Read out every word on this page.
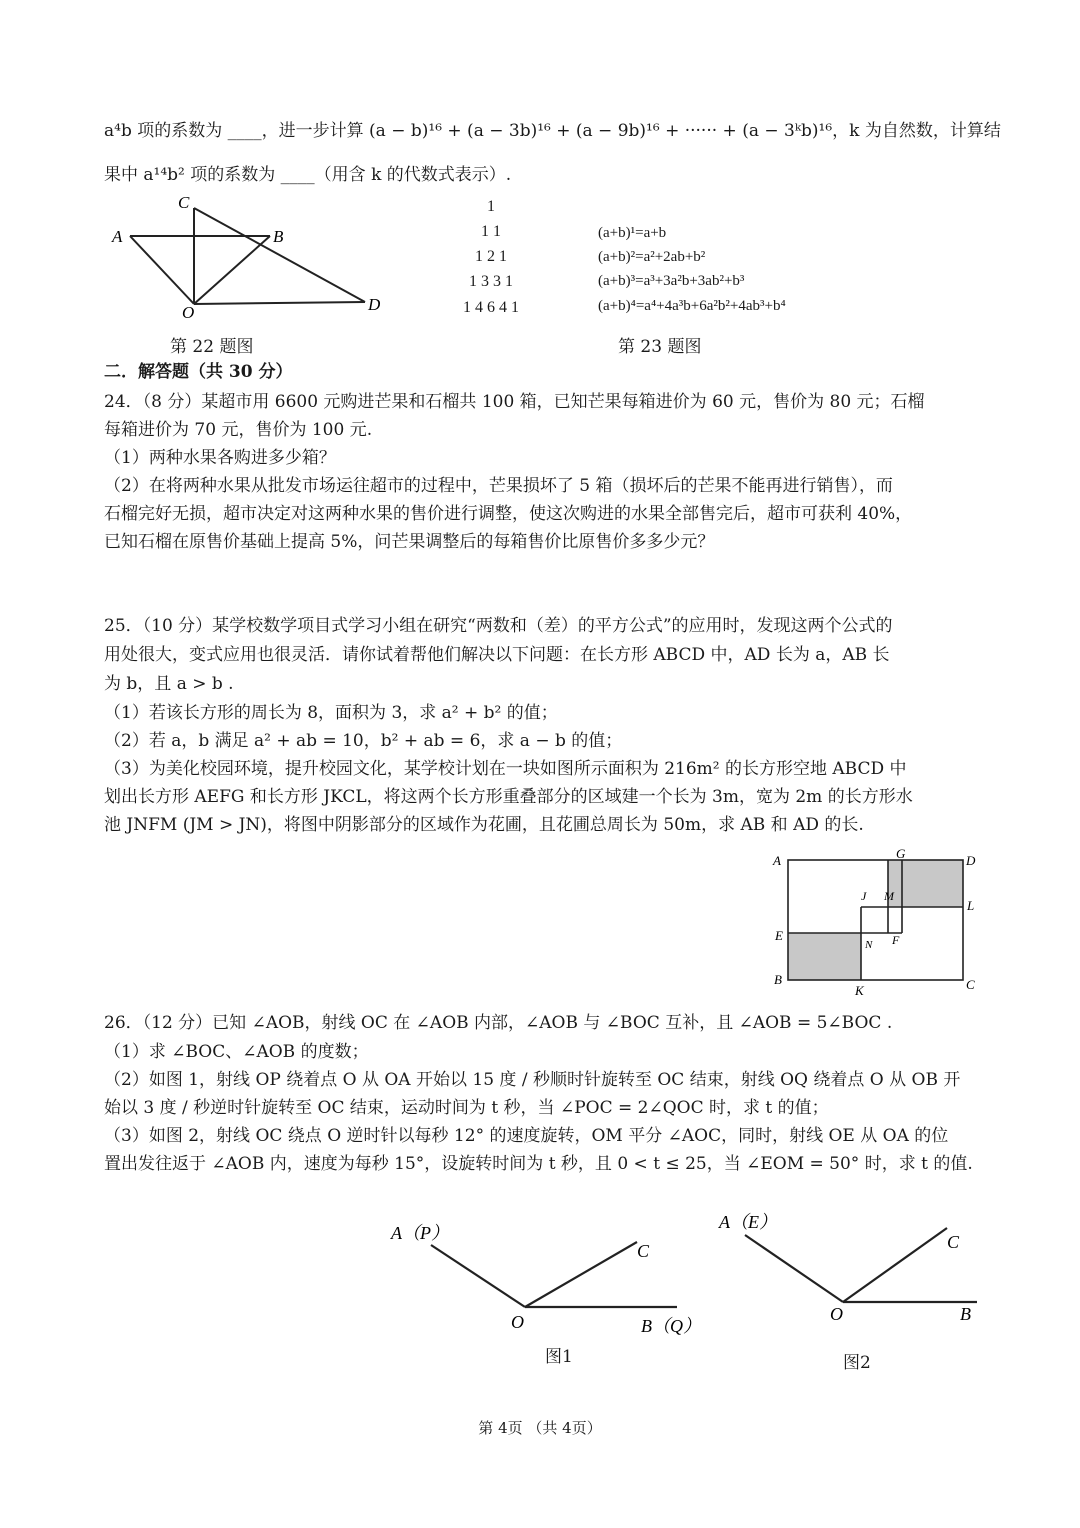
a⁴b 项的系数为 ____，进一步计算 (a − b)¹⁶ + (a − 3b)¹⁶ + (a − 9b)¹⁶ + ······ + (a − 3ᵏb)¹⁶，k 为自然数，计算结
果中 a¹⁴b² 项的系数为 ____（用含 k 的代数式表示）.
A	B
C
O	D
第 22 题图
1
1 1
1 2 1
1 3 3 1
1 4 6 4 1
(a+b)¹=a+b
(a+b)²=a²+2ab+b²
(a+b)³=a³+3a²b+3ab²+b³
(a+b)⁴=a⁴+4a³b+6a²b²+4ab³+b⁴
第 23 题图
二．解答题（共 30 分）
24．（8 分）某超市用 6600 元购进芒果和石榴共 100 箱，已知芒果每箱进价为 60 元，售价为 80 元；石榴
每箱进价为 70 元，售价为 100 元.
（1）两种水果各购进多少箱？
（2）在将两种水果从批发市场运往超市的过程中，芒果损坏了 5 箱（损坏后的芒果不能再进行销售），而
石榴完好无损，超市决定对这两种水果的售价进行调整，使这次购进的水果全部售完后，超市可获利 40%，
已知石榴在原售价基础上提高 5%，问芒果调整后的每箱售价比原售价多多少元？
25．（10 分）某学校数学项目式学习小组在研究“两数和（差）的平方公式”的应用时，发现这两个公式的
用处很大，变式应用也很灵活．请你试着帮他们解决以下问题：在长方形 ABCD 中，AD 长为 a，AB 长
为 b，且 a > b .
（1）若该长方形的周长为 8，面积为 3，求 a² + b² 的值；
（2）若 a，b 满足 a² + ab = 10，b² + ab = 6，求 a − b 的值；
（3）为美化校园环境，提升校园文化，某学校计划在一块如图所示面积为 216m² 的长方形空地 ABCD 中
划出长方形 AEFG 和长方形 JKCL，将这两个长方形重叠部分的区域建一个长为 3m，宽为 2m 的长方形水
池 JNFM (JM > JN)，将图中阴影部分的区域作为花圃，且花圃总周长为 50m，求 AB 和 AD 的长.
A	G	D
J M
L
E
N F
B
K	C
26．（12 分）已知 ∠AOB，射线 OC 在 ∠AOB 内部，∠AOB 与 ∠BOC 互补，且 ∠AOB = 5∠BOC .
（1）求 ∠BOC、∠AOB 的度数；
（2）如图 1，射线 OP 绕着点 O 从 OA 开始以 15 度 / 秒顺时针旋转至 OC 结束，射线 OQ 绕着点 O 从 OB 开
始以 3 度 / 秒逆时针旋转至 OC 结束，运动时间为 t 秒，当 ∠POC = 2∠QOC 时，求 t 的值；
（3）如图 2，射线 OC 绕点 O 逆时针以每秒 12° 的速度旋转，OM 平分 ∠AOC，同时，射线 OE 从 OA 的位
置出发往返于 ∠AOB 内，速度为每秒 15°，设旋转时间为 t 秒，且 0 < t ≤ 25，当 ∠EOM = 50° 时，求 t 的值.
A（P）
C
O	B（Q）
图1
A（E）
C
O	B
图2
第 4页 （共 4页）
